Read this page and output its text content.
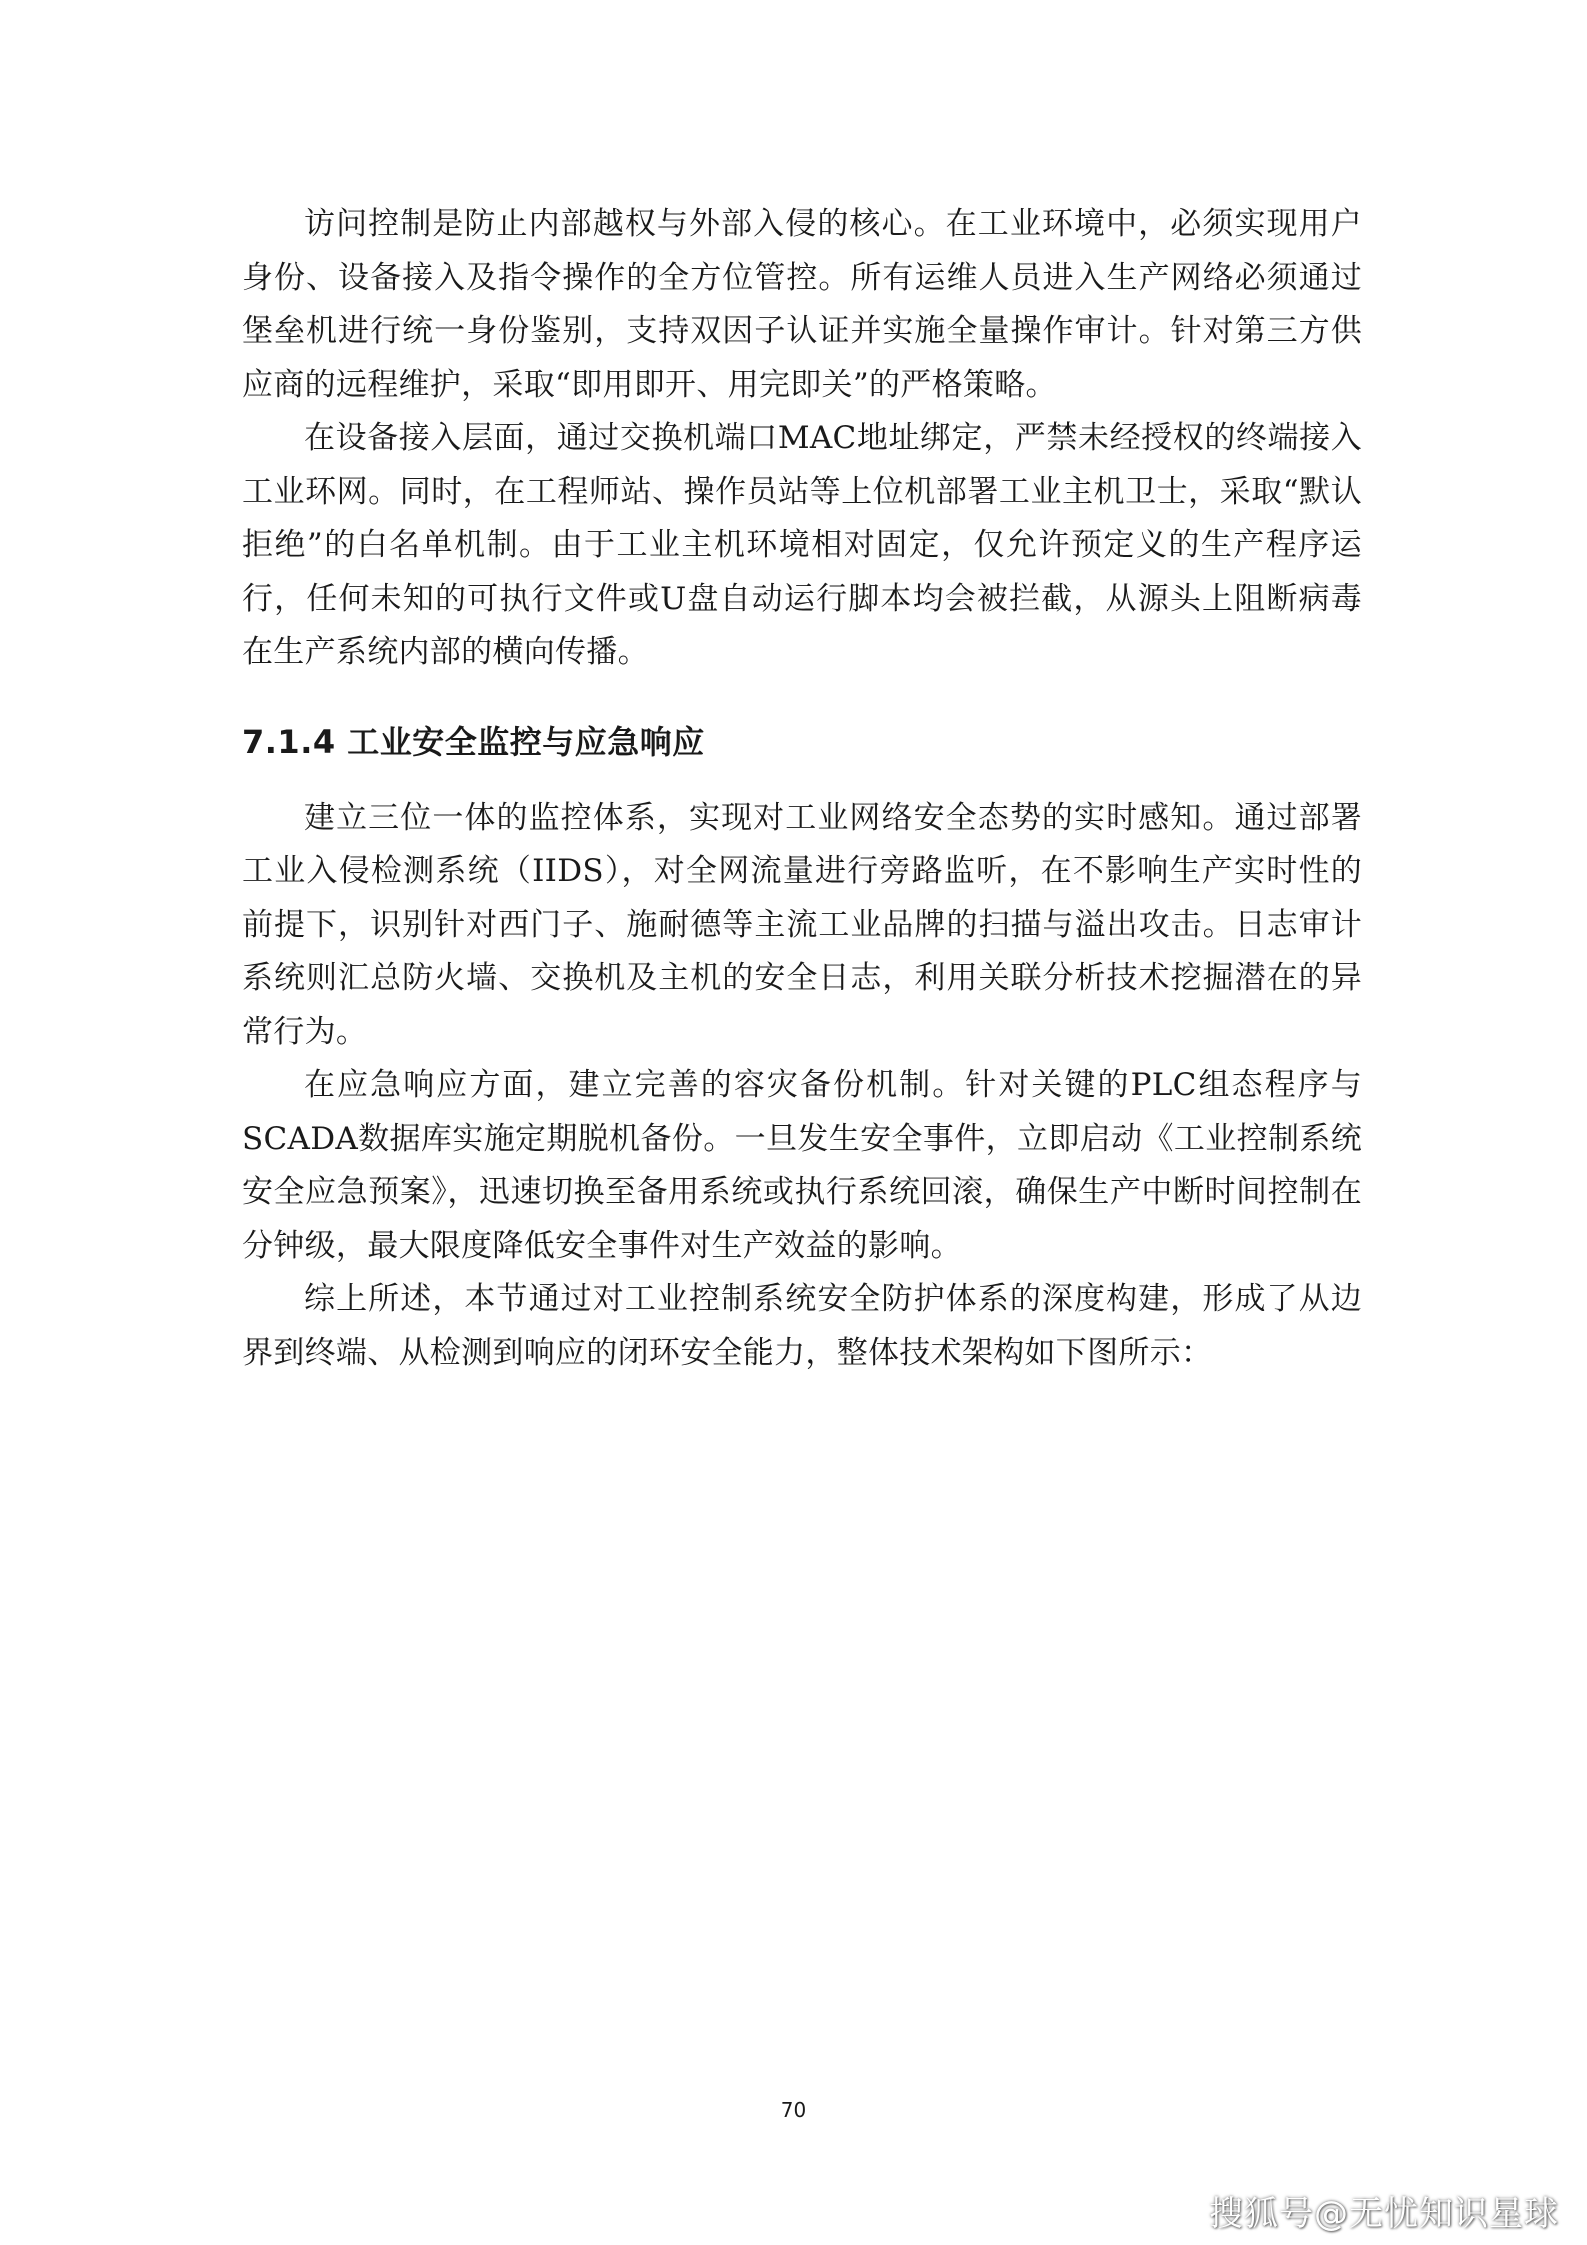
访问控制是防止内部越权与外部入侵的核心。在工业环境中，必须实现用户身份、设备接入及指令操作的全方位管控。所有运维人员进入生产网络必须通过堡垒机进行统一身份鉴别，支持双因子认证并实施全量操作审计。针对第三方供应商的远程维护，采取“即用即开、用完即关”的严格策略。

在设备接入层面，通过交换机端口MAC地址绑定，严禁未经授权的终端接入工业环网。同时，在工程师站、操作员站等上位机部署工业主机卫士，采取“默认拒绝”的白名单机制。由于工业主机环境相对固定，仅允许预定义的生产程序运行，任何未知的可执行文件或U盘自动运行脚本均会被拦截，从源头上阻断病毒在生产系统内部的横向传播。

7.1.4 工业安全监控与应急响应

建立三位一体的监控体系，实现对工业网络安全态势的实时感知。通过部署工业入侵检测系统（IIDS），对全网流量进行旁路监听，在不影响生产实时性的前提下，识别针对西门子、施耐德等主流工业品牌的扫描与溢出攻击。日志审计系统则汇总防火墙、交换机及主机的安全日志，利用关联分析技术挖掘潜在的异常行为。

在应急响应方面，建立完善的容灾备份机制。针对关键的PLC组态程序与SCADA数据库实施定期脱机备份。一旦发生安全事件，立即启动《工业控制系统安全应急预案》，迅速切换至备用系统或执行系统回滚，确保生产中断时间控制在分钟级，最大限度降低安全事件对生产效益的影响。

综上所述，本节通过对工业控制系统安全防护体系的深度构建，形成了从边界到终端、从检测到响应的闭环安全能力，整体技术架构如下图所示：

70
搜狐号@无忧知识星球
